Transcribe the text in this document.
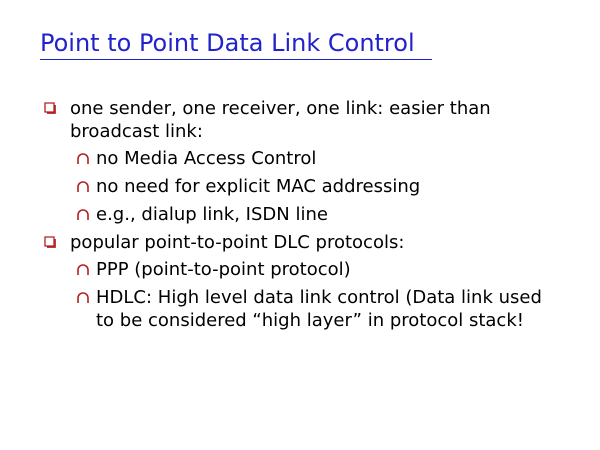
Point to Point Data Link Control
one sender, one receiver, one link: easier than broadcast link:
no Media Access Control
no need for explicit MAC addressing
e.g., dialup link, ISDN line
popular point-to-point DLC protocols:
PPP (point-to-point protocol)
HDLC: High level data link control (Data link used to be considered “high layer” in protocol stack!
